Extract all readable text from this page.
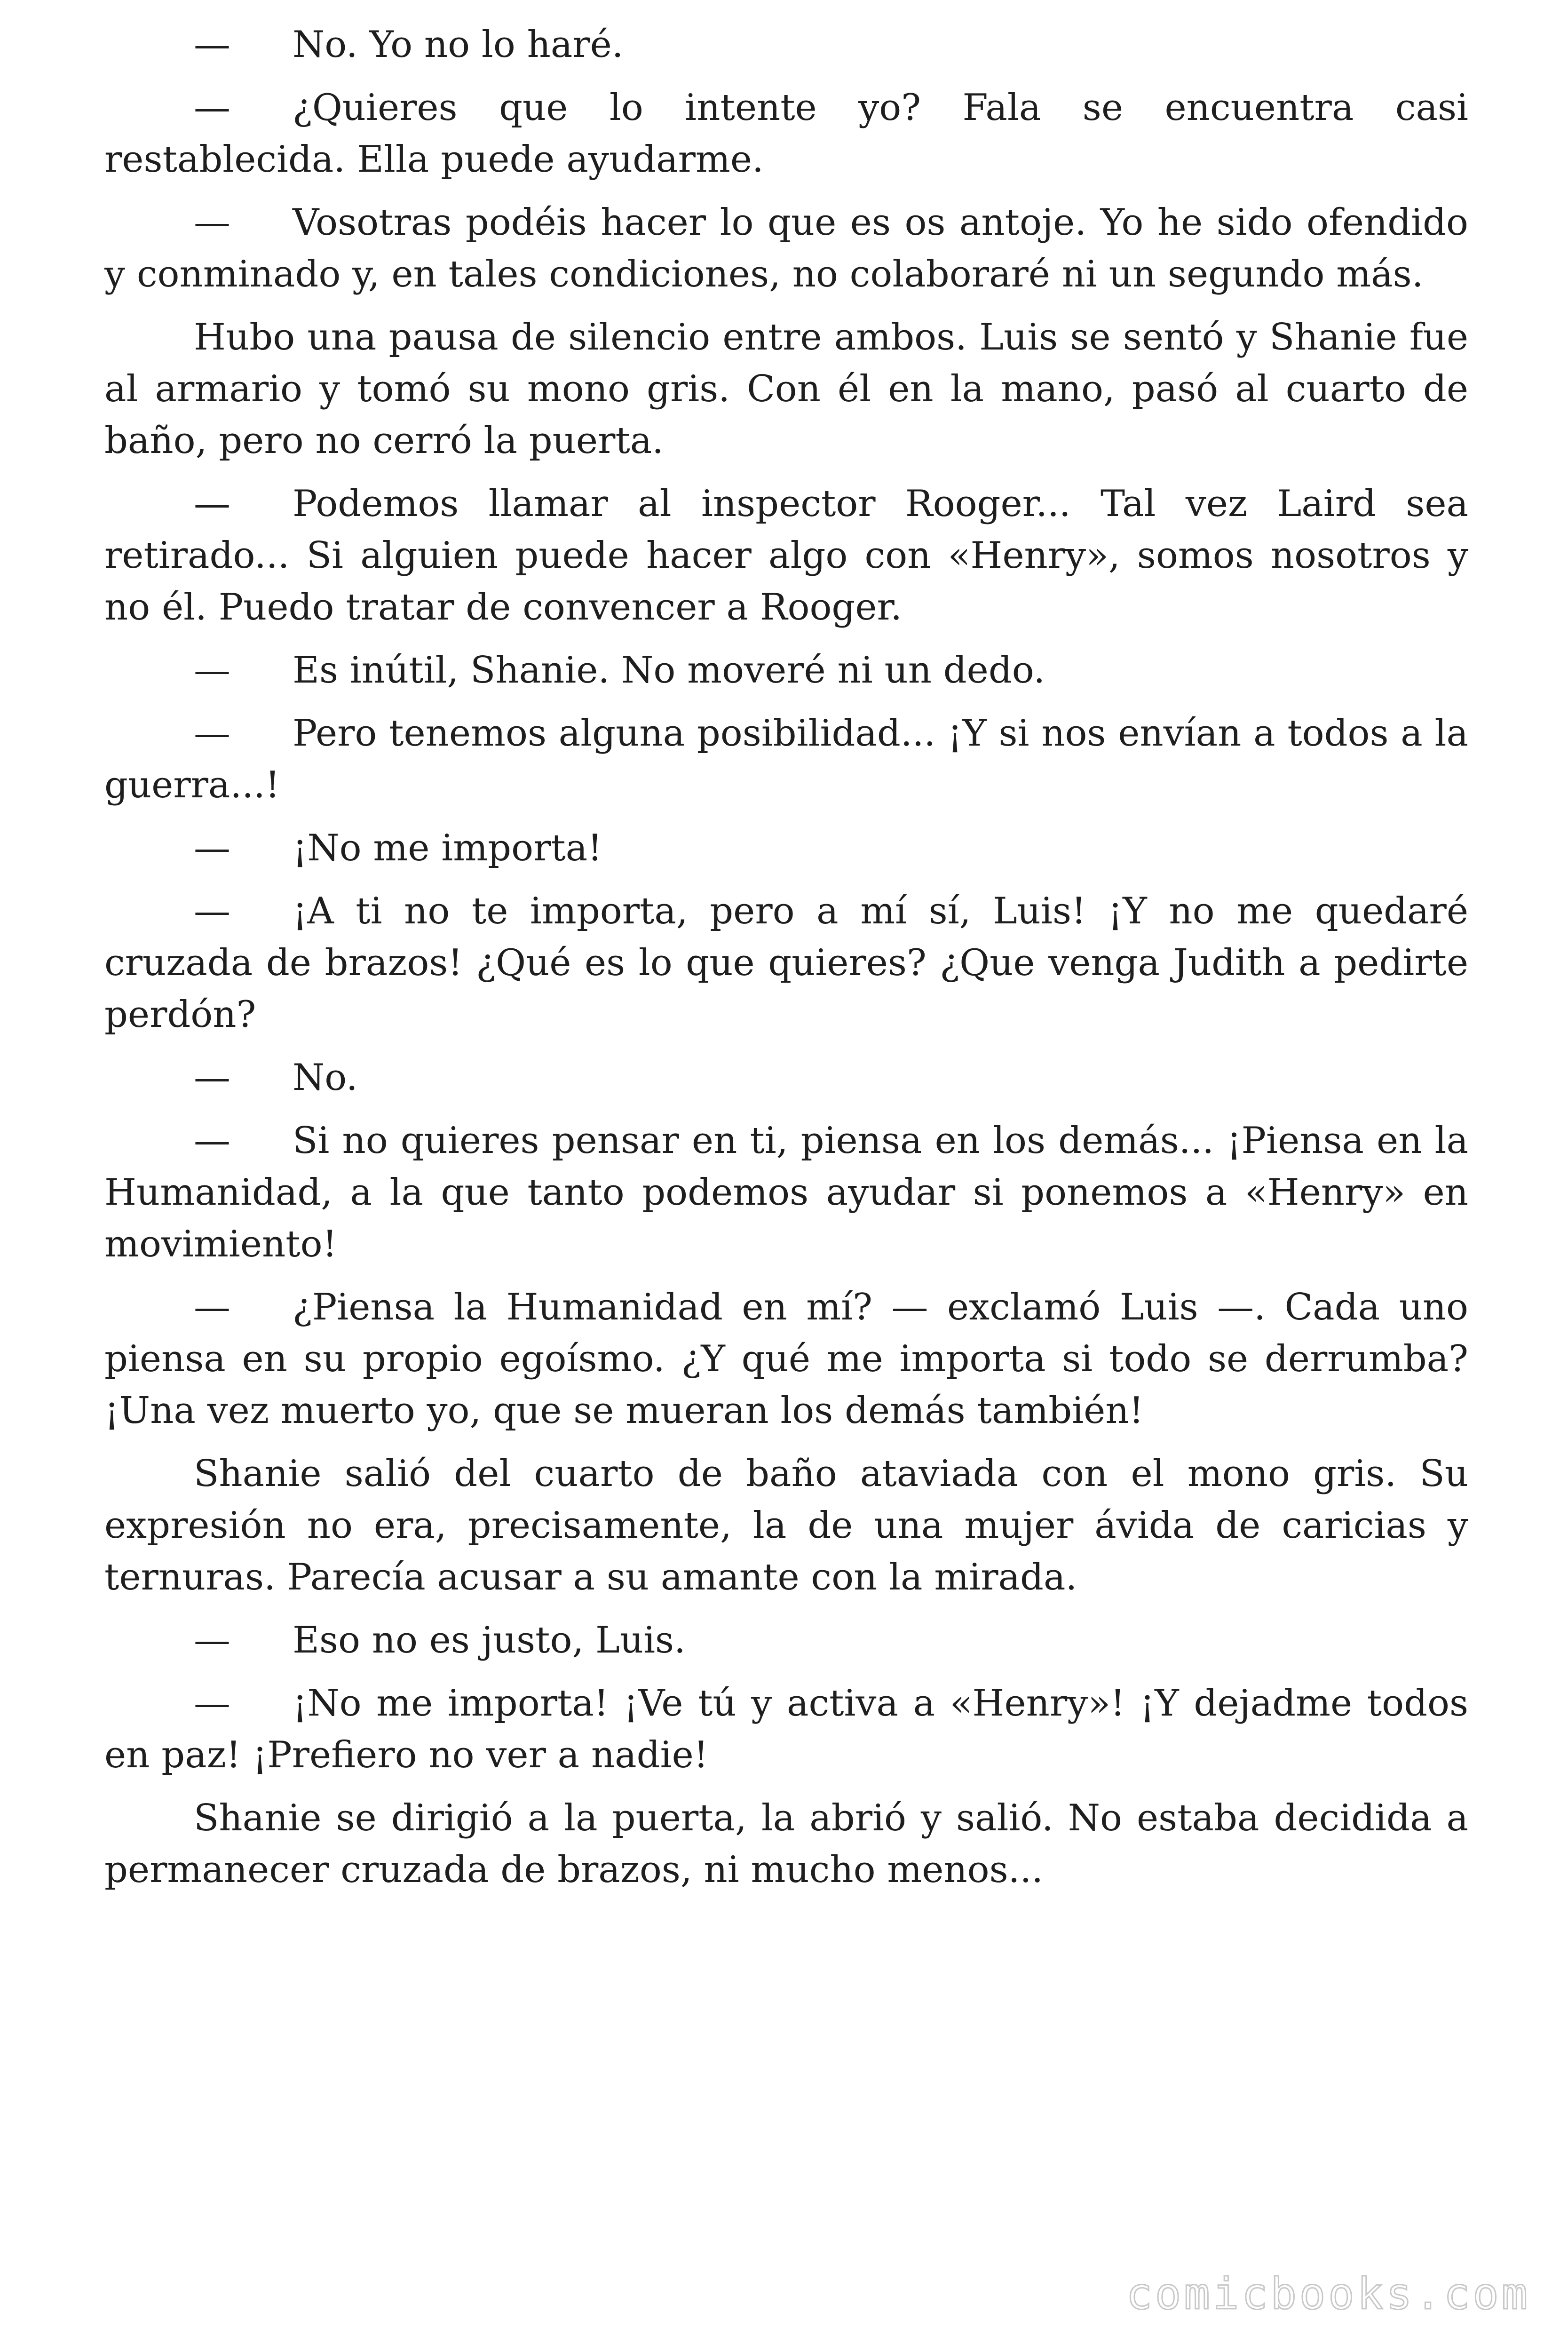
— No. Yo no lo haré.

— ¿Quieres que lo intente yo? Fala se encuentra casi restablecida. Ella puede ayudarme.

— Vosotras podéis hacer lo que es os antoje. Yo he sido ofendido y conminado y, en tales condiciones, no colaboraré ni un segundo más.

Hubo una pausa de silencio entre ambos. Luis se sentó y Shanie fue al armario y tomó su mono gris. Con él en la mano, pasó al cuarto de baño, pero no cerró la puerta.

— Podemos llamar al inspector Rooger... Tal vez Laird sea retirado... Si alguien puede hacer algo con «Henry», somos nosotros y no él. Puedo tratar de convencer a Rooger.

— Es inútil, Shanie. No moveré ni un dedo.

— Pero tenemos alguna posibilidad... ¡Y si nos envían a todos a la guerra...!

— ¡No me importa!

— ¡A ti no te importa, pero a mí sí, Luis! ¡Y no me quedaré cruzada de brazos! ¿Qué es lo que quieres? ¿Que venga Judith a pedirte perdón?

— No.

— Si no quieres pensar en ti, piensa en los demás... ¡Piensa en la Humanidad, a la que tanto podemos ayudar si ponemos a «Henry» en movimiento!

— ¿Piensa la Humanidad en mí? — exclamó Luis —. Cada uno piensa en su propio egoísmo. ¿Y qué me importa si todo se derrumba? ¡Una vez muerto yo, que se mueran los demás también!

Shanie salió del cuarto de baño ataviada con el mono gris. Su expresión no era, precisamente, la de una mujer ávida de caricias y ternuras. Parecía acusar a su amante con la mirada.

— Eso no es justo, Luis.

— ¡No me importa! ¡Ve tú y activa a «Henry»! ¡Y dejadme todos en paz! ¡Prefiero no ver a nadie!

Shanie se dirigió a la puerta, la abrió y salió. No estaba decidida a permanecer cruzada de brazos, ni mucho menos...

comicbooks.com
